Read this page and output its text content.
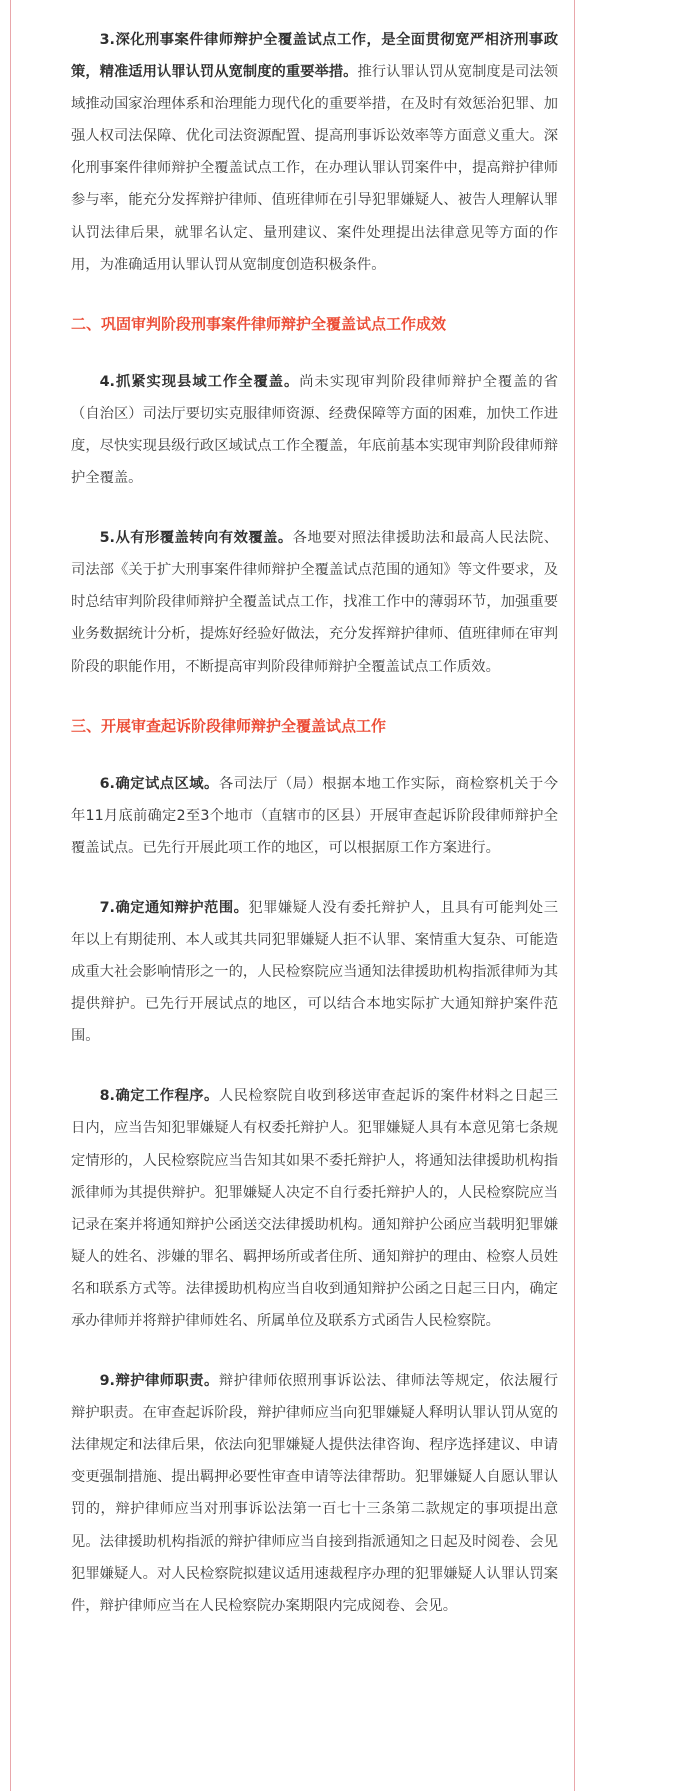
3.深化刑事案件律师辩护全覆盖试点工作，是全面贯彻宽严相济刑事政策，精准适用认罪认罚从宽制度的重要举措。推行认罪认罚从宽制度是司法领域推动国家治理体系和治理能力现代化的重要举措，在及时有效惩治犯罪、加强人权司法保障、优化司法资源配置、提高刑事诉讼效率等方面意义重大。深化刑事案件律师辩护全覆盖试点工作，在办理认罪认罚案件中，提高辩护律师参与率，能充分发挥辩护律师、值班律师在引导犯罪嫌疑人、被告人理解认罪认罚法律后果，就罪名认定、量刑建议、案件处理提出法律意见等方面的作用，为准确适用认罪认罚从宽制度创造积极条件。

二、巩固审判阶段刑事案件律师辩护全覆盖试点工作成效

4.抓紧实现县域工作全覆盖。尚未实现审判阶段律师辩护全覆盖的省（自治区）司法厅要切实克服律师资源、经费保障等方面的困难，加快工作进度，尽快实现县级行政区域试点工作全覆盖，年底前基本实现审判阶段律师辩护全覆盖。

5.从有形覆盖转向有效覆盖。各地要对照法律援助法和最高人民法院、司法部《关于扩大刑事案件律师辩护全覆盖试点范围的通知》等文件要求，及时总结审判阶段律师辩护全覆盖试点工作，找准工作中的薄弱环节，加强重要业务数据统计分析，提炼好经验好做法，充分发挥辩护律师、值班律师在审判阶段的职能作用，不断提高审判阶段律师辩护全覆盖试点工作质效。

三、开展审查起诉阶段律师辩护全覆盖试点工作

6.确定试点区域。各司法厅（局）根据本地工作实际，商检察机关于今年11月底前确定2至3个地市（直辖市的区县）开展审查起诉阶段律师辩护全覆盖试点。已先行开展此项工作的地区，可以根据原工作方案进行。

7.确定通知辩护范围。犯罪嫌疑人没有委托辩护人，且具有可能判处三年以上有期徒刑、本人或其共同犯罪嫌疑人拒不认罪、案情重大复杂、可能造成重大社会影响情形之一的，人民检察院应当通知法律援助机构指派律师为其提供辩护。已先行开展试点的地区，可以结合本地实际扩大通知辩护案件范围。

8.确定工作程序。人民检察院自收到移送审查起诉的案件材料之日起三日内，应当告知犯罪嫌疑人有权委托辩护人。犯罪嫌疑人具有本意见第七条规定情形的，人民检察院应当告知其如果不委托辩护人，将通知法律援助机构指派律师为其提供辩护。犯罪嫌疑人决定不自行委托辩护人的，人民检察院应当记录在案并将通知辩护公函送交法律援助机构。通知辩护公函应当载明犯罪嫌疑人的姓名、涉嫌的罪名、羁押场所或者住所、通知辩护的理由、检察人员姓名和联系方式等。法律援助机构应当自收到通知辩护公函之日起三日内，确定承办律师并将辩护律师姓名、所属单位及联系方式函告人民检察院。

9.辩护律师职责。辩护律师依照刑事诉讼法、律师法等规定，依法履行辩护职责。在审查起诉阶段，辩护律师应当向犯罪嫌疑人释明认罪认罚从宽的法律规定和法律后果，依法向犯罪嫌疑人提供法律咨询、程序选择建议、申请变更强制措施、提出羁押必要性审查申请等法律帮助。犯罪嫌疑人自愿认罪认罚的，辩护律师应当对刑事诉讼法第一百七十三条第二款规定的事项提出意见。法律援助机构指派的辩护律师应当自接到指派通知之日起及时阅卷、会见犯罪嫌疑人。对人民检察院拟建议适用速裁程序办理的犯罪嫌疑人认罪认罚案件，辩护律师应当在人民检察院办案期限内完成阅卷、会见。
